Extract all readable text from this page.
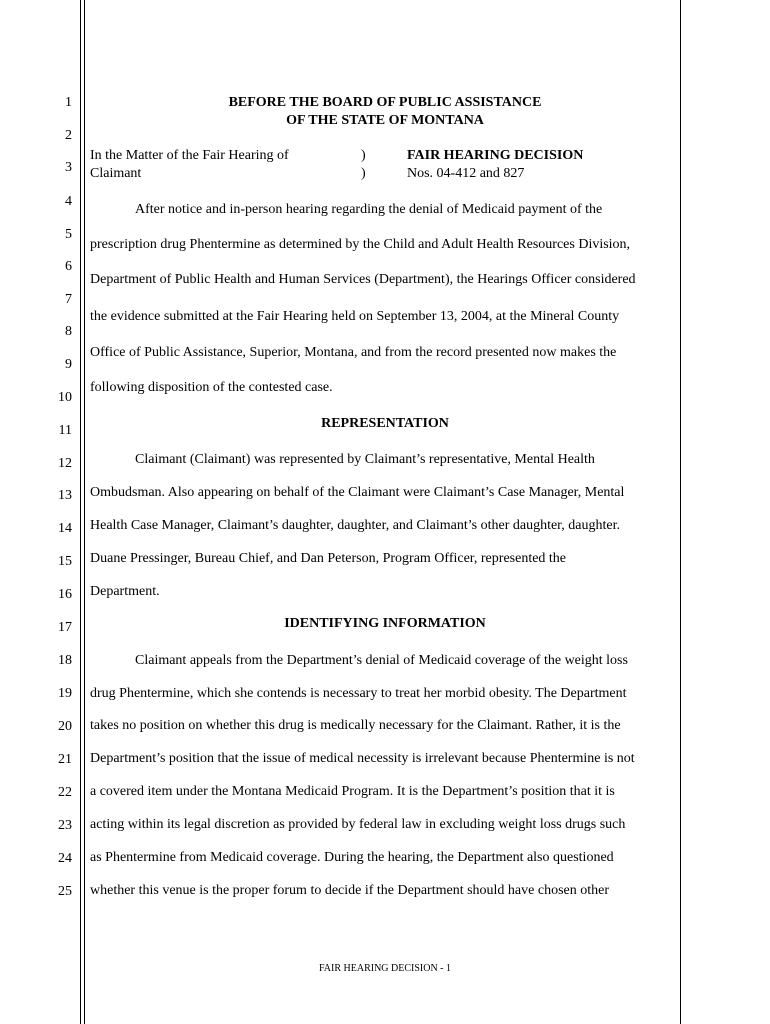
1
2
3
4
5
6
7
8
9
10
11
12
13
14
15
16
17
18
19
20
21
22
23
24
25
BEFORE THE BOARD OF PUBLIC ASSISTANCE
OF THE STATE OF MONTANA
In the Matter of the Fair Hearing of
Claimant
)
)
FAIR HEARING DECISION
Nos. 04-412 and 827
After notice and in-person hearing regarding the denial of Medicaid payment of the
prescription drug Phentermine as determined by the Child and Adult Health Resources Division,
Department of Public Health and Human Services (Department), the Hearings Officer considered
the evidence submitted at the Fair Hearing held on September 13, 2004, at the Mineral County
Office of Public Assistance, Superior, Montana, and from the record presented now makes the
following disposition of the contested case.
REPRESENTATION
Claimant (Claimant) was represented by Claimant’s representative, Mental Health
Ombudsman. Also appearing on behalf of the Claimant were Claimant’s Case Manager, Mental
Health Case Manager, Claimant’s daughter, daughter, and Claimant’s other daughter, daughter.
Duane Pressinger, Bureau Chief, and Dan Peterson, Program Officer, represented the
Department.
IDENTIFYING INFORMATION
Claimant appeals from the Department’s denial of Medicaid coverage of the weight loss
drug Phentermine, which she contends is necessary to treat her morbid obesity. The Department
takes no position on whether this drug is medically necessary for the Claimant. Rather, it is the
Department’s position that the issue of medical necessity is irrelevant because Phentermine is not
a covered item under the Montana Medicaid Program. It is the Department’s position that it is
acting within its legal discretion as provided by federal law in excluding weight loss drugs such
as Phentermine from Medicaid coverage. During the hearing, the Department also questioned
whether this venue is the proper forum to decide if the Department should have chosen other
FAIR HEARING DECISION - 1
